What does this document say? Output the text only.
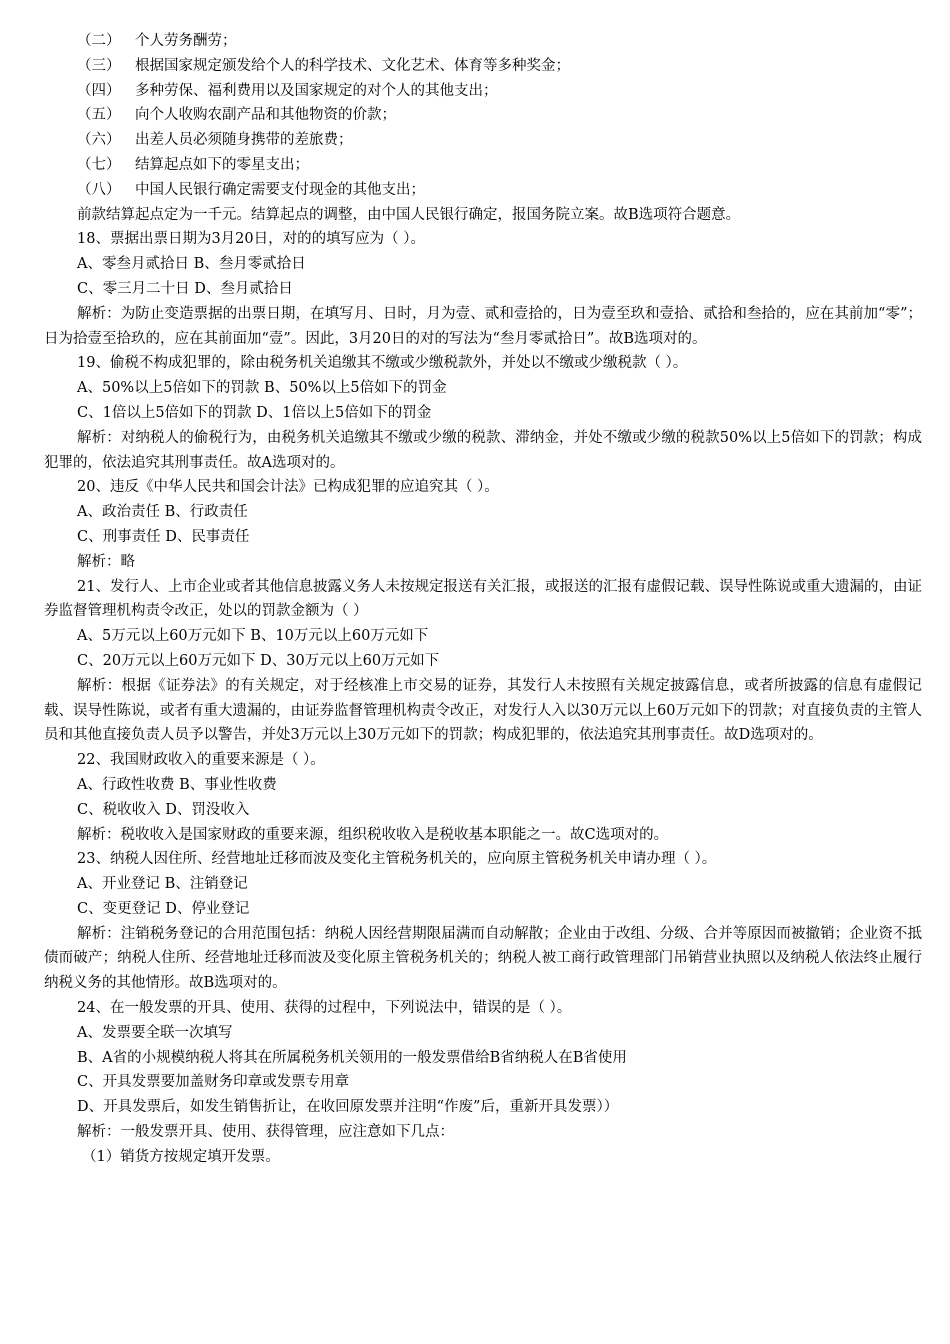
（二）	个人劳务酬劳；
（三）	根据国家规定颁发给个人的科学技术、文化艺术、体育等多种奖金；
（四）	多种劳保、福利费用以及国家规定的对个人的其他支出；
（五）	向个人收购农副产品和其他物资的价款；
（六）	出差人员必须随身携带的差旅费；
（七）	结算起点如下的零星支出；
（八）	中国人民银行确定需要支付现金的其他支出；

前款结算起点定为一千元。结算起点的调整，由中国人民银行确定，报国务院立案。故B选项符合题意。

18、票据出票日期为3月20日，对的的填写应为（ ）。

A、零叁月贰拾日 B、叁月零贰拾日

C、零三月二十日 D、叁月贰拾日

解析：为防止变造票据的出票日期，在填写月、日时，月为壹、贰和壹拾的，日为壹至玖和壹拾、贰拾和叁拾的，应在其前加“零”；日为拾壹至拾玖的，应在其前面加“壹”。因此，3月20日的对的写法为“叁月零贰拾日”。故B选项对的。

19、偷税不构成犯罪的，除由税务机关追缴其不缴或少缴税款外，并处以不缴或少缴税款（ ）。

A、50%以上5倍如下的罚款 B、50%以上5倍如下的罚金

C、1倍以上5倍如下的罚款 D、1倍以上5倍如下的罚金

解析：对纳税人的偷税行为，由税务机关追缴其不缴或少缴的税款、滞纳金，并处不缴或少缴的税款50%以上5倍如下的罚款；构成犯罪的，依法追究其刑事责任。故A选项对的。

20、违反《中华人民共和国会计法》已构成犯罪的应追究其（ ）。

A、政治责任 B、行政责任

C、刑事责任 D、民事责任

解析：略

21、发行人、上市企业或者其他信息披露义务人未按规定报送有关汇报，或报送的汇报有虚假记载、误导性陈说或重大遗漏的，由证券监督管理机构责令改正，处以的罚款金额为（ ）

A、5万元以上60万元如下 B、10万元以上60万元如下

C、20万元以上60万元如下 D、30万元以上60万元如下

解析：根据《证券法》的有关规定，对于经核准上市交易的证券，其发行人未按照有关规定披露信息，或者所披露的信息有虚假记载、误导性陈说，或者有重大遗漏的，由证券监督管理机构责令改正，对发行人入以30万元以上60万元如下的罚款；对直接负责的主管人员和其他直接负责人员予以警告，并处3万元以上30万元如下的罚款；构成犯罪的，依法追究其刑事责任。故D选项对的。

22、我国财政收入的重要来源是（ ）。

A、行政性收费 B、事业性收费

C、税收收入 D、罚没收入

解析：税收收入是国家财政的重要来源，组织税收收入是税收基本职能之一。故C选项对的。

23、纳税人因住所、经营地址迁移而波及变化主管税务机关的，应向原主管税务机关申请办理（ ）。

A、开业登记 B、注销登记

C、变更登记 D、停业登记

解析：注销税务登记的合用范围包括：纳税人因经营期限届满而自动解散；企业由于改组、分级、合并等原因而被撤销；企业资不抵债而破产；纳税人住所、经营地址迁移而波及变化原主管税务机关的；纳税人被工商行政管理部门吊销营业执照以及纳税人依法终止履行纳税义务的其他情形。故B选项对的。

24、在一般发票的开具、使用、获得的过程中，下列说法中，错误的是（ ）。

A、发票要全联一次填写

B、A省的小规模纳税人将其在所属税务机关领用的一般发票借给B省纳税人在B省使用

C、开具发票要加盖财务印章或发票专用章

D、开具发票后，如发生销售折让，在收回原发票并注明“作废”后，重新开具发票））

解析：一般发票开具、使用、获得管理，应注意如下几点：

（1）销货方按规定填开发票。
